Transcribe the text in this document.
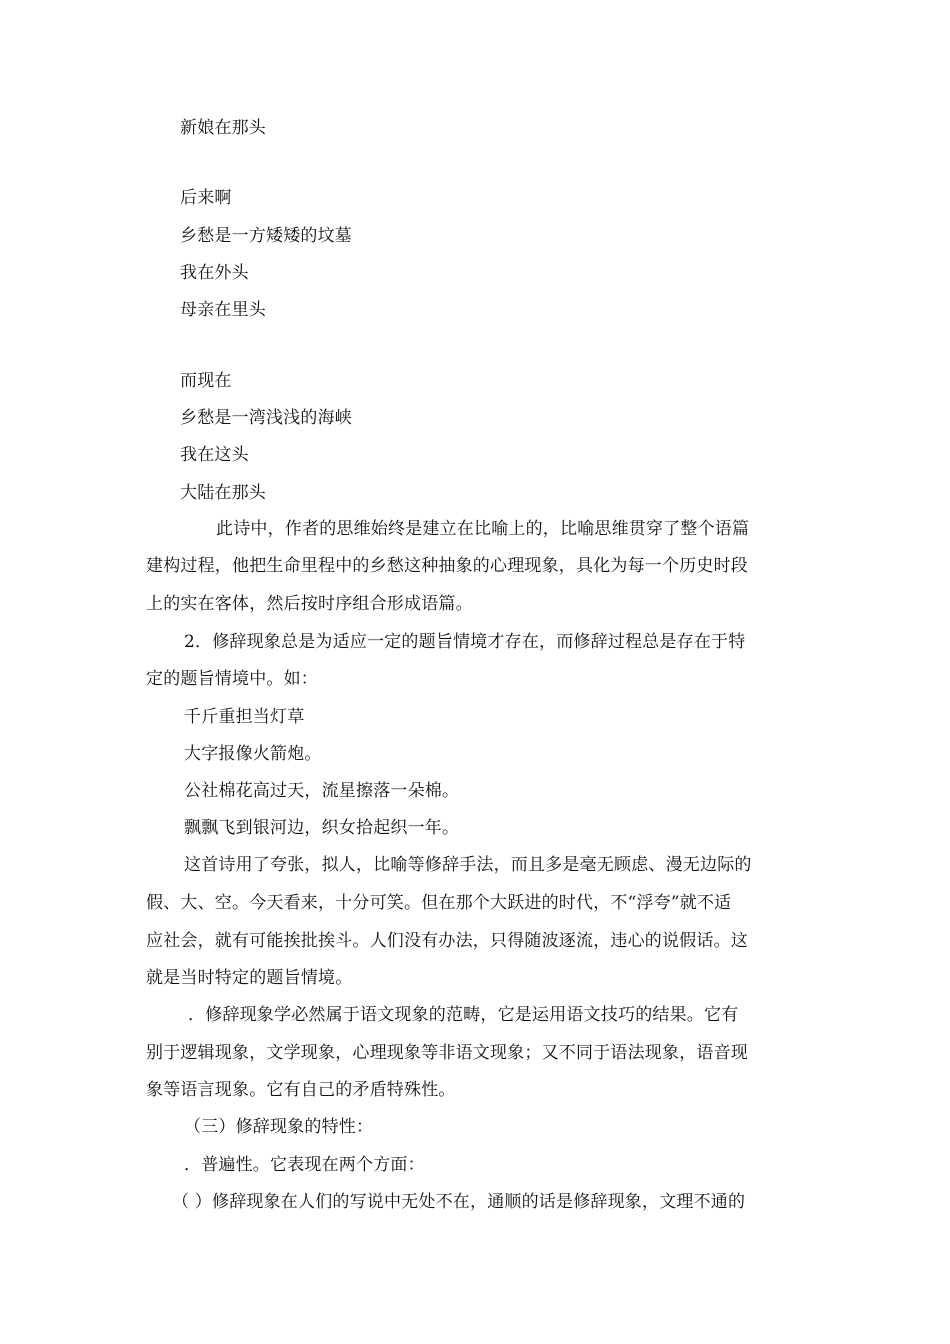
新娘在那头
后来啊
乡愁是一方矮矮的坟墓
我在外头
母亲在里头
而现在
乡愁是一湾浅浅的海峡
我在这头
大陆在那头
此诗中，作者的思维始终是建立在比喻上的，比喻思维贯穿了整个语篇
建构过程，他把生命里程中的乡愁这种抽象的心理现象，具化为每一个历史时段
上的实在客体，然后按时序组合形成语篇。
2．修辞现象总是为适应一定的题旨情境才存在，而修辞过程总是存在于特
定的题旨情境中。如：
千斤重担当灯草
大字报像火箭炮。
公社棉花高过天，流星擦落一朵棉。
飘飘飞到银河边，织女拾起织一年。
这首诗用了夸张，拟人，比喻等修辞手法，而且多是毫无顾虑、漫无边际的
假、大、空。今天看来，十分可笑。但在那个大跃进的时代，不“浮夸”就不适
应社会，就有可能挨批挨斗。人们没有办法，只得随波逐流，违心的说假话。这
就是当时特定的题旨情境。
．修辞现象学必然属于语文现象的范畴，它是运用语文技巧的结果。它有
别于逻辑现象，文学现象，心理现象等非语文现象；又不同于语法现象，语音现
象等语言现象。它有自己的矛盾特殊性。
（三）修辞现象的特性：
．普遍性。它表现在两个方面：
（ ）修辞现象在人们的写说中无处不在，通顺的话是修辞现象，文理不通的
